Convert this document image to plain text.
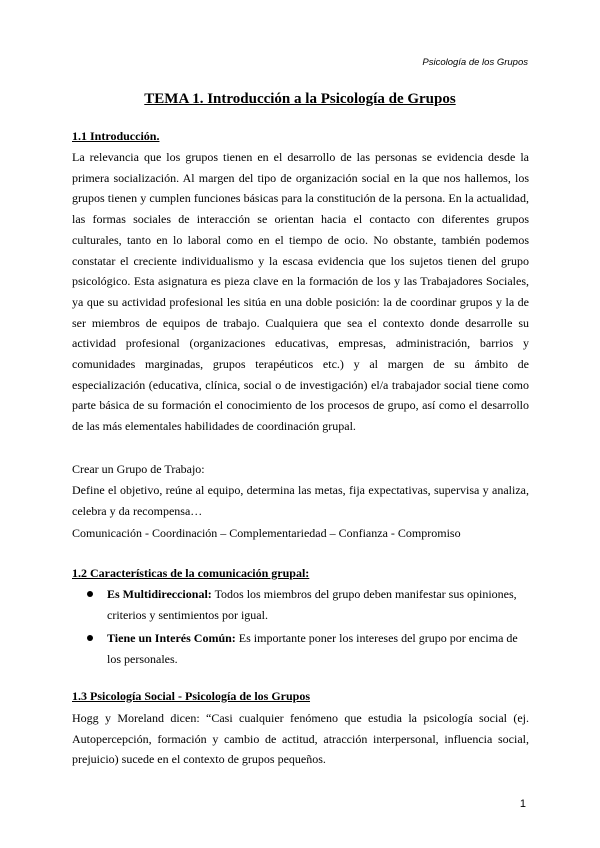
Psicología de los Grupos
TEMA 1. Introducción a la Psicología de Grupos
1.1 Introducción.

La relevancia que los grupos tienen en el desarrollo de las personas se evidencia desde la primera socialización. Al margen del tipo de organización social en la que nos hallemos, los grupos tienen y cumplen funciones básicas para la constitución de la persona. En la actualidad, las formas sociales de interacción se orientan hacia el contacto con diferentes grupos culturales, tanto en lo laboral como en el tiempo de ocio. No obstante, también podemos constatar el creciente individualismo y la escasa evidencia que los sujetos tienen del grupo psicológico. Esta asignatura es pieza clave en la formación de los y las Trabajadores Sociales, ya que su actividad profesional les sitúa en una doble posición: la de coordinar grupos y la de ser miembros de equipos de trabajo. Cualquiera que sea el contexto donde desarrolle su actividad profesional (organizaciones educativas, empresas, administración, barrios y comunidades marginadas, grupos terapéuticos etc.) y al margen de su ámbito de especialización (educativa, clínica, social o de investigación) el/a trabajador social tiene como parte básica de su formación el conocimiento de los procesos de grupo, así como el desarrollo de las más elementales habilidades de coordinación grupal.

Crear un Grupo de Trabajo:

Define el objetivo, reúne al equipo, determina las metas, fija expectativas, supervisa y analiza, celebra y da recompensa…

Comunicación - Coordinación – Complementariedad – Confianza - Compromiso
1.2 Características de la comunicación grupal:
Es Multidireccional: Todos los miembros del grupo deben manifestar sus opiniones, criterios y sentimientos por igual.
Tiene un Interés Común: Es importante poner los intereses del grupo por encima de los personales.
1.3 Psicología Social - Psicología de los Grupos

Hogg y Moreland dicen: “Casi cualquier fenómeno que estudia la psicología social (ej. Autopercepción, formación y cambio de actitud, atracción interpersonal, influencia social, prejuicio) sucede en el contexto de grupos pequeños.

1
